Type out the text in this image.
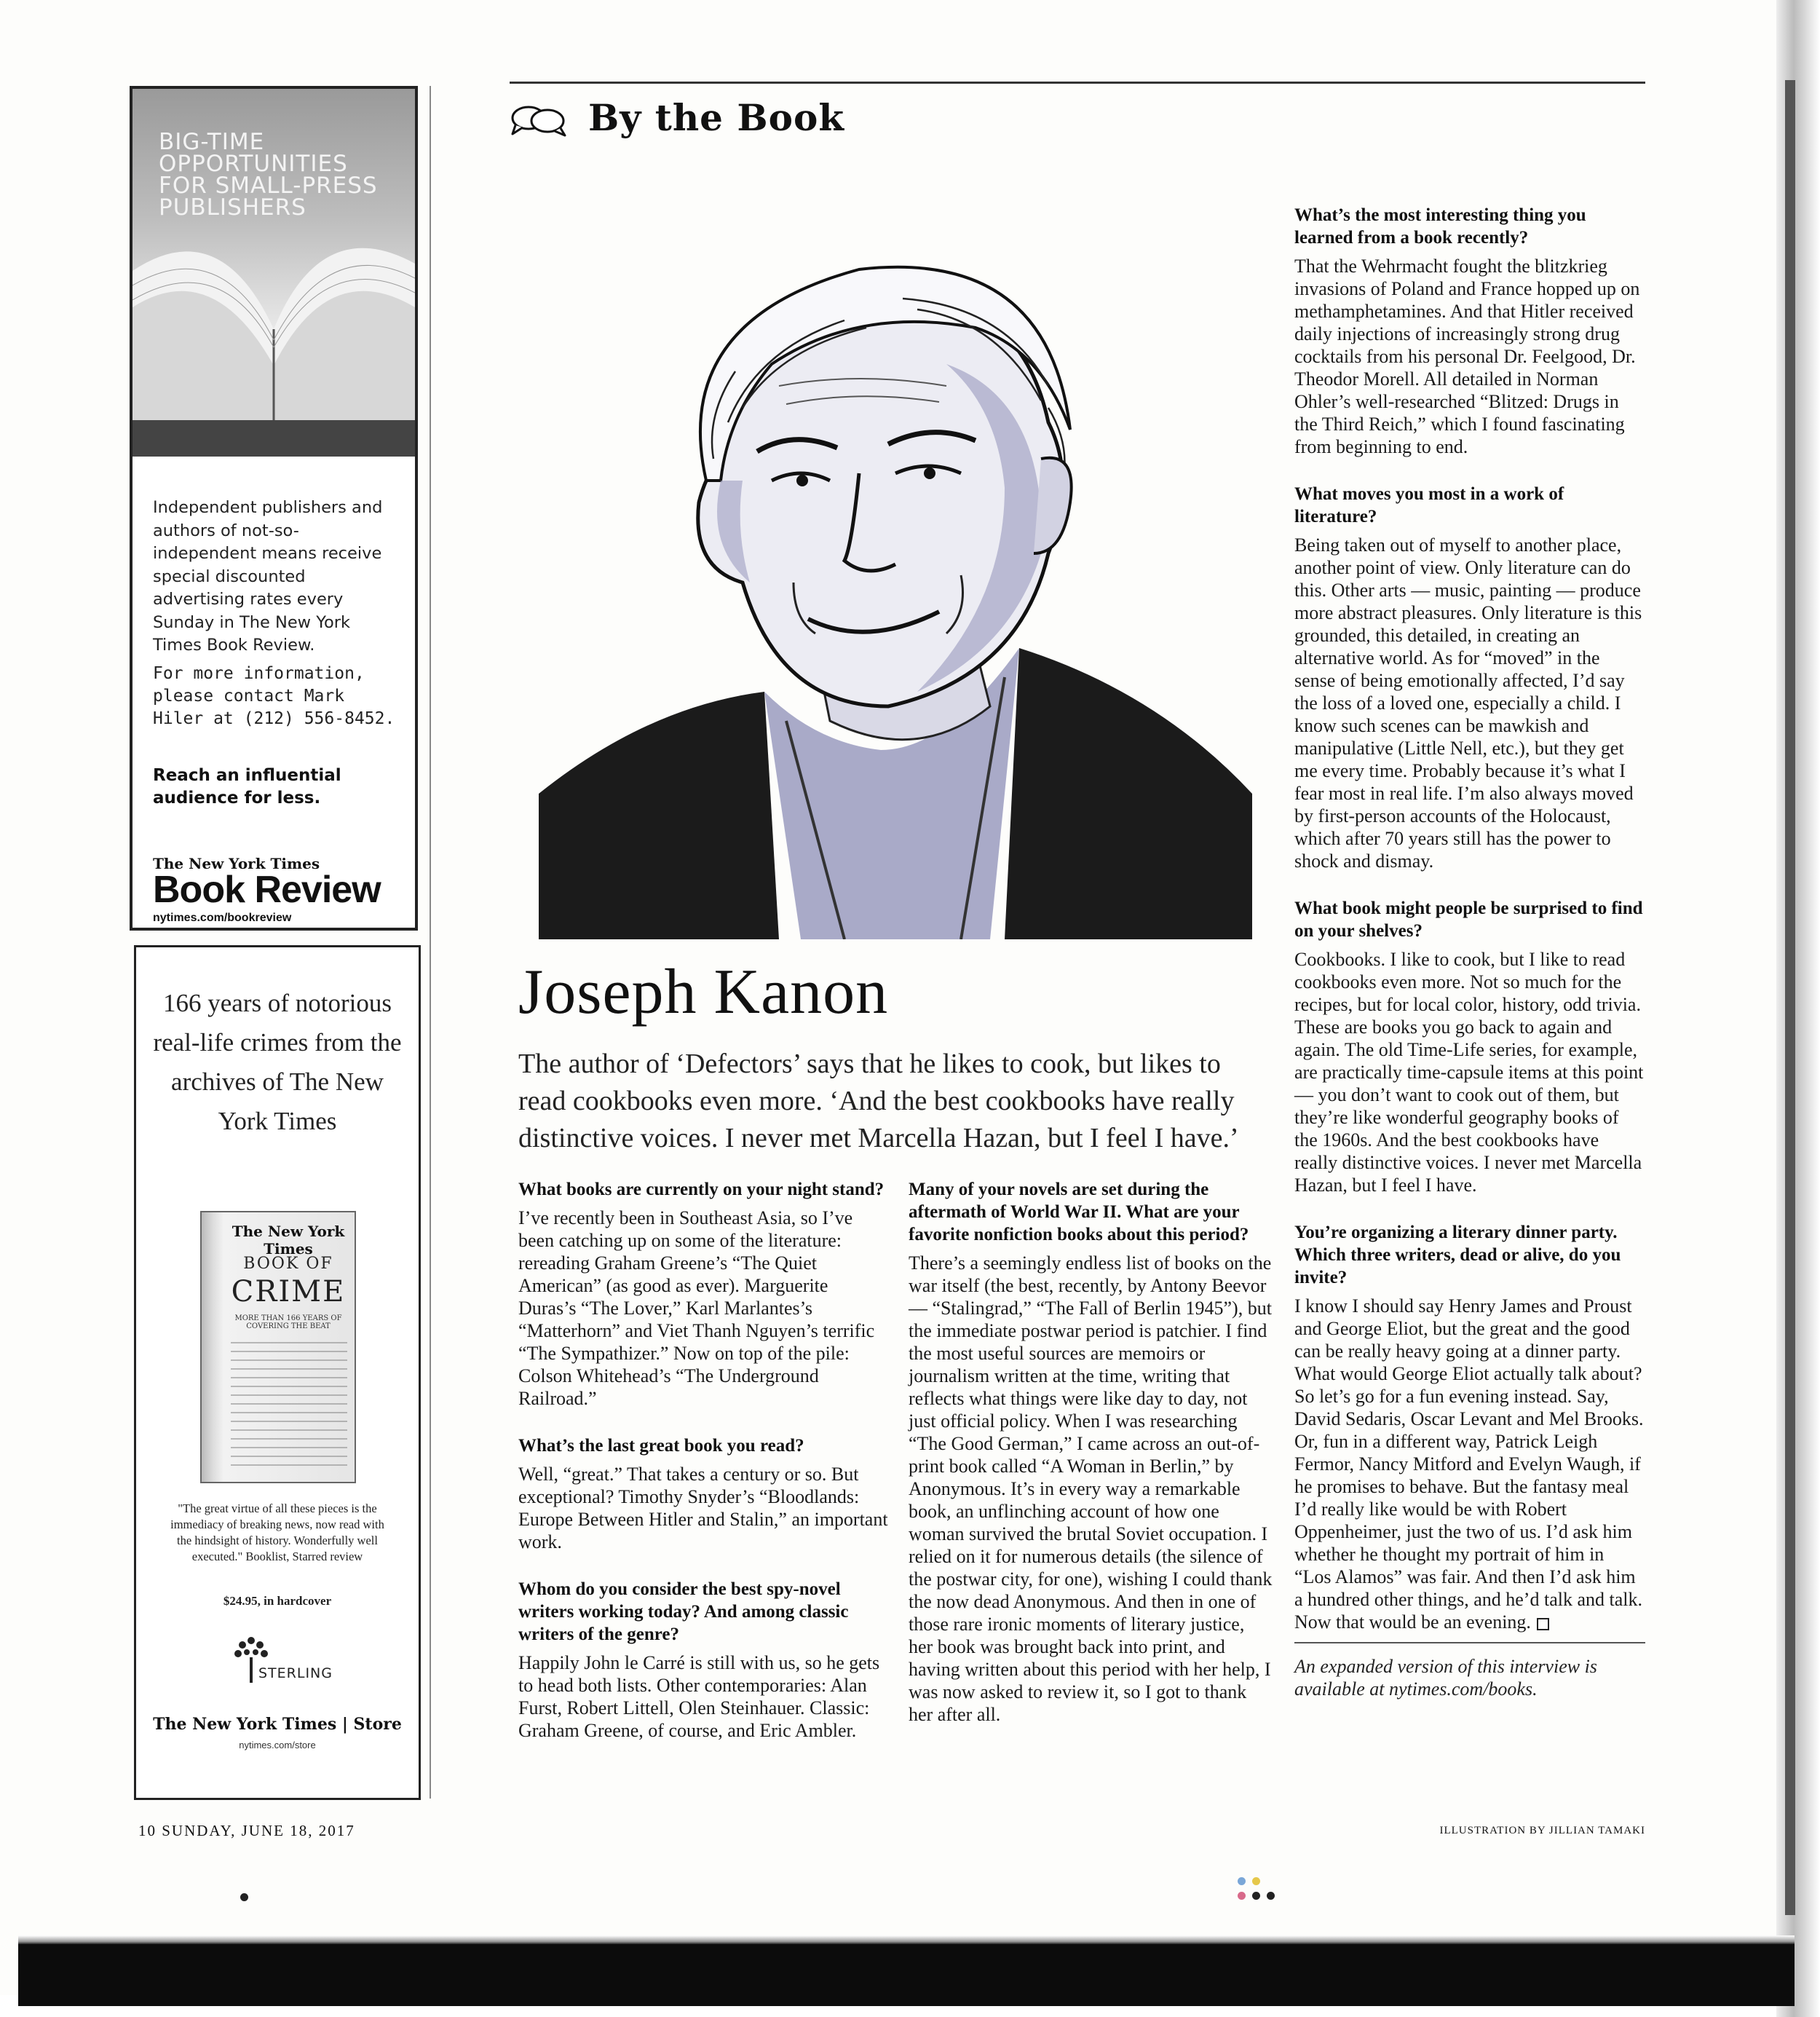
BIG-TIME OPPORTUNITIES FOR SMALL-PRESS PUBLISHERS
Independent publishers and authors of not-so-independent means receive special discounted advertising rates every Sunday in The New York Times Book Review.
For more information, please contact Mark Hiler at (212) 556-8452.
Reach an influential audience for less.
The New York Times
Book Review
nytimes.com/bookreview
166 years of notorious real-life crimes from the archives of The New York Times
The New York Times
BOOK OF
CRIME
MORE THAN 166 YEARS OF COVERING THE BEAT
"The great virtue of all these pieces is the immediacy of breaking news, now read with the hindsight of history. Wonderfully well executed." Booklist, Starred review
$24.95, in hardcover
STERLING
The New York Times | Store
nytimes.com/store
By the Book
Joseph Kanon
The author of ‘Defectors’ says that he likes to cook, but likes to read cookbooks even more. ‘And the best cookbooks have really distinctive voices. I never met Marcella Hazan, but I feel I have.’
What books are currently on your night stand?
I’ve recently been in Southeast Asia, so I’ve been catching up on some of the literature: rereading Graham Greene’s “The Quiet American” (as good as ever). Marguerite Duras’s “The Lover,” Karl Marlantes’s “Matterhorn” and Viet Thanh Nguyen’s terrific “The Sympathizer.” Now on top of the pile: Colson Whitehead’s “The Underground Railroad.”
What’s the last great book you read?
Well, “great.” That takes a century or so. But exceptional? Timothy Snyder’s “Bloodlands: Europe Between Hitler and Stalin,” an important work.
Whom do you consider the best spy-novel writers working today? And among classic writers of the genre?
Happily John le Carré is still with us, so he gets to head both lists. Other contemporaries: Alan Furst, Robert Littell, Olen Steinhauer. Classic: Graham Greene, of course, and Eric Ambler.
Many of your novels are set during the aftermath of World War II. What are your favorite nonfiction books about this period?
There’s a seemingly endless list of books on the war itself (the best, recently, by Antony Beevor — “Stalingrad,” “The Fall of Berlin 1945”), but the immediate postwar period is patchier. I find the most useful sources are memoirs or journalism written at the time, writing that reflects what things were like day to day, not just official policy. When I was researching “The Good German,” I came across an out-of-print book called “A Woman in Berlin,” by Anonymous. It’s in every way a remarkable book, an unflinching account of how one woman survived the brutal Soviet occupation. I relied on it for numerous details (the silence of the postwar city, for one), wishing I could thank the now dead Anonymous. And then in one of those rare ironic moments of literary justice, her book was brought back into print, and having written about this period with her help, I was now asked to review it, so I got to thank her after all.
What’s the most interesting thing you learned from a book recently?
That the Wehrmacht fought the blitzkrieg invasions of Poland and France hopped up on methamphetamines. And that Hitler received daily injections of increasingly strong drug cocktails from his personal Dr. Feelgood, Dr. Theodor Morell. All detailed in Norman Ohler’s well-researched “Blitzed: Drugs in the Third Reich,” which I found fascinating from beginning to end.
What moves you most in a work of literature?
Being taken out of myself to another place, another point of view. Only literature can do this. Other arts — music, painting — produce more abstract pleasures. Only literature is this grounded, this detailed, in creating an alternative world. As for “moved” in the sense of being emotionally affected, I’d say the loss of a loved one, especially a child. I know such scenes can be mawkish and manipulative (Little Nell, etc.), but they get me every time. Probably because it’s what I fear most in real life. I’m also always moved by first-person accounts of the Holocaust, which after 70 years still has the power to shock and dismay.
What book might people be surprised to find on your shelves?
Cookbooks. I like to cook, but I like to read cookbooks even more. Not so much for the recipes, but for local color, history, odd trivia. These are books you go back to again and again. The old Time-Life series, for example, are practically time-capsule items at this point — you don’t want to cook out of them, but they’re like wonderful geography books of the 1960s. And the best cookbooks have really distinctive voices. I never met Marcella Hazan, but I feel I have.
You’re organizing a literary dinner party. Which three writers, dead or alive, do you invite?
I know I should say Henry James and Proust and George Eliot, but the great and the good can be really heavy going at a dinner party. What would George Eliot actually talk about? So let’s go for a fun evening instead. Say, David Sedaris, Oscar Levant and Mel Brooks. Or, fun in a different way, Patrick Leigh Fermor, Nancy Mitford and Evelyn Waugh, if he promises to behave. But the fantasy meal I’d really like would be with Robert Oppenheimer, just the two of us. I’d ask him whether he thought my portrait of him in “Los Alamos” was fair. And then I’d ask him a hundred other things, and he’d talk and talk. Now that would be an evening.
An expanded version of this interview is available at nytimes.com/books.
10 SUNDAY, JUNE 18, 2017	ILLUSTRATION BY JILLIAN TAMAKI
